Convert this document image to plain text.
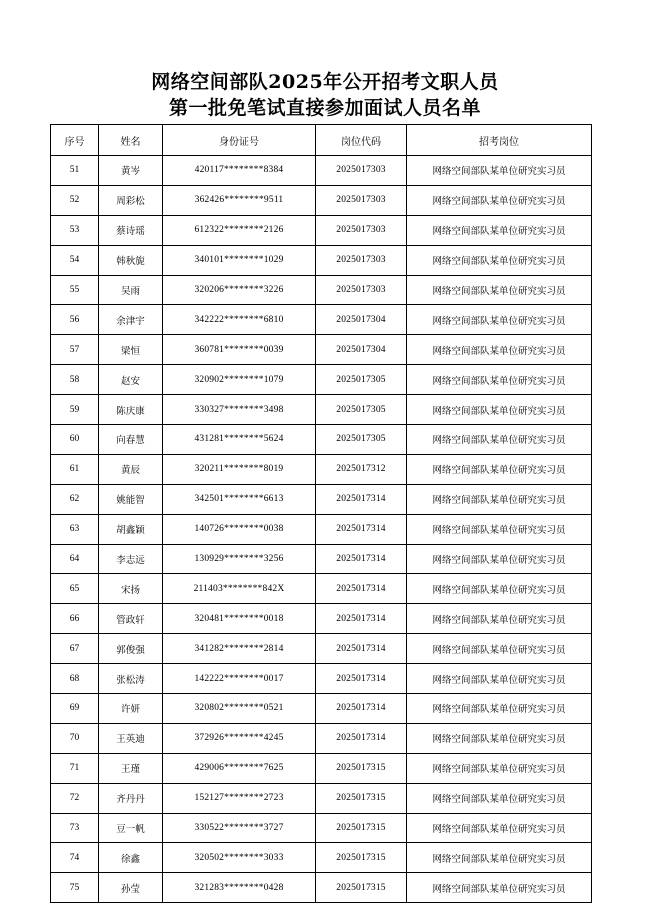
网络空间部队2025年公开招考文职人员
第一批免笔试直接参加面试人员名单
序号	姓名	身份证号	岗位代码	招考岗位
51	黄岑	420117********8384	2025017303	网络空间部队某单位研究实习员
52	周彩松	362426********9511	2025017303	网络空间部队某单位研究实习员
53	蔡诗瑶	612322********2126	2025017303	网络空间部队某单位研究实习员
54	韩秋旎	340101********1029	2025017303	网络空间部队某单位研究实习员
55	吴雨	320206********3226	2025017303	网络空间部队某单位研究实习员
56	余津宇	342222********6810	2025017304	网络空间部队某单位研究实习员
57	梁恒	360781********0039	2025017304	网络空间部队某单位研究实习员
58	赵安	320902********1079	2025017305	网络空间部队某单位研究实习员
59	陈庆康	330327********3498	2025017305	网络空间部队某单位研究实习员
60	向春慧	431281********5624	2025017305	网络空间部队某单位研究实习员
61	黄辰	320211********8019	2025017312	网络空间部队某单位研究实习员
62	姚能智	342501********6613	2025017314	网络空间部队某单位研究实习员
63	胡鑫颖	140726********0038	2025017314	网络空间部队某单位研究实习员
64	李志远	130929********3256	2025017314	网络空间部队某单位研究实习员
65	宋扬	211403********842X	2025017314	网络空间部队某单位研究实习员
66	管政轩	320481********0018	2025017314	网络空间部队某单位研究实习员
67	郭俊强	341282********2814	2025017314	网络空间部队某单位研究实习员
68	张松涛	142222********0017	2025017314	网络空间部队某单位研究实习员
69	许妍	320802********0521	2025017314	网络空间部队某单位研究实习员
70	王英迪	372926********4245	2025017314	网络空间部队某单位研究实习员
71	王瑾	429006********7625	2025017315	网络空间部队某单位研究实习员
72	齐丹丹	152127********2723	2025017315	网络空间部队某单位研究实习员
73	豆一帆	330522********3727	2025017315	网络空间部队某单位研究实习员
74	徐鑫	320502********3033	2025017315	网络空间部队某单位研究实习员
75	孙莹	321283********0428	2025017315	网络空间部队某单位研究实习员
